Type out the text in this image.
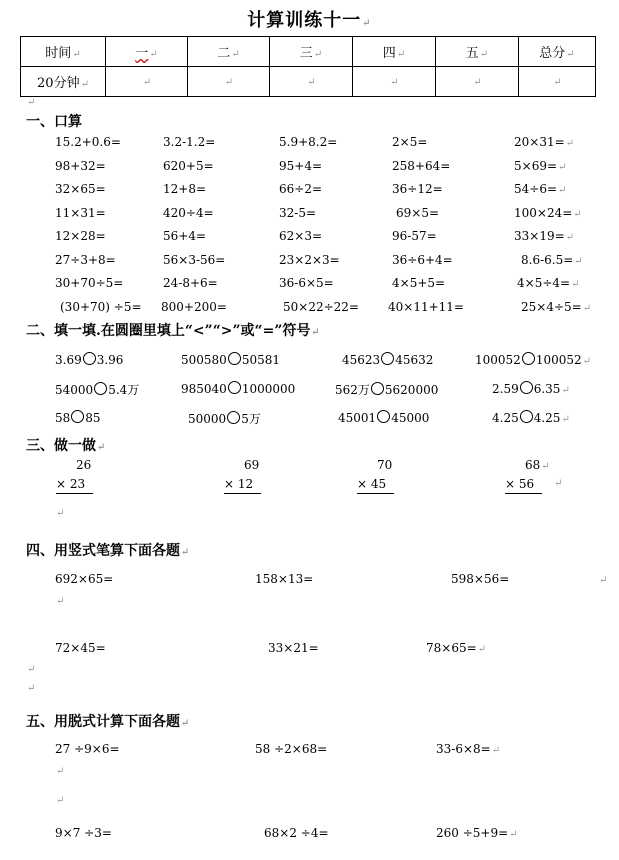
计算训练十一↵
时间↵	一↵	二↵	三↵	四↵	五↵	总分↵
20分钟↵	↵	↵	↵	↵	↵	↵
↵
一、口算
二、填一填.在圆圈里填上“<”“>”或“=”符号↵
三、做一做↵
↵
四、用竖式笔算下面各题↵
↵
↵
↵
↵
五、用脱式计算下面各题↵
↵
↵
15.2+0.6=	3.2-1.2=	5.9+8.2=	2×5=	20×31=↵
98+32=	620+5=	95+4=	258+64=	5×69=↵
32×65=	12+8=	66÷2=	36÷12=	54÷6=↵
11×31=	420÷4=	32-5=	69×5=	100×24=↵
12×28=	56+4=	62×3=	96-57=	33×19=↵
27÷3+8=	56×3-56=	23×2×3=	36÷6+4=	8.6-6.5=↵
30+70÷5=	24-8+6=	36-6×5=	4×5+5=	4×5÷4=↵
(30+70) ÷5= 800+200=	50×22÷22= 40×11+11=	25×4÷5=↵
3.69 3.96	500580 50581	45623 45632	100052 100052↵
54000 5.4万	985040 1000000	562万 5620000	2.59 6.35↵
58 85	50000 5万	45001 45000	4.25 4.25↵
26
× 23
69
× 12
70
× 45
68↵
× 56	↵
692×65=	158×13=	598×56=
72×45=	33×21=	78×65=↵
27 ÷9×6=	58 ÷2×68=	33-6×8=↵
9×7 ÷3=	68×2 ÷4=	260 ÷5+9=↵
